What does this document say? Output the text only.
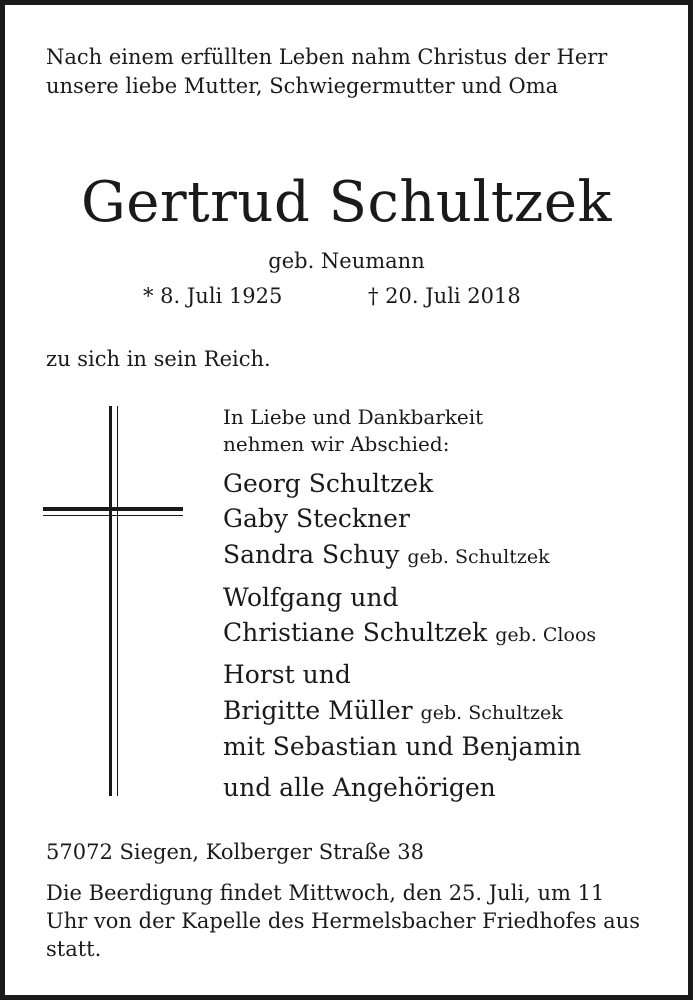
Nach einem erfüllten Leben nahm Christus der Herr unsere liebe Mutter, Schwiegermutter und Oma
Gertrud Schultzek
geb. Neumann
* 8. Juli 1925	† 20. Juli 2018
zu sich in sein Reich.
In Liebe und Dankbarkeit
nehmen wir Abschied:
Georg Schultzek
Gaby Steckner
Sandra Schuy geb. Schultzek
Wolfgang und
Christiane Schultzek geb. Cloos
Horst und
Brigitte Müller geb. Schultzek
mit Sebastian und Benjamin
und alle Angehörigen
57072 Siegen, Kolberger Straße 38
Die Beerdigung findet Mittwoch, den 25. Juli, um 11 Uhr von der Kapelle des Hermelsbacher Friedhofes aus statt.
